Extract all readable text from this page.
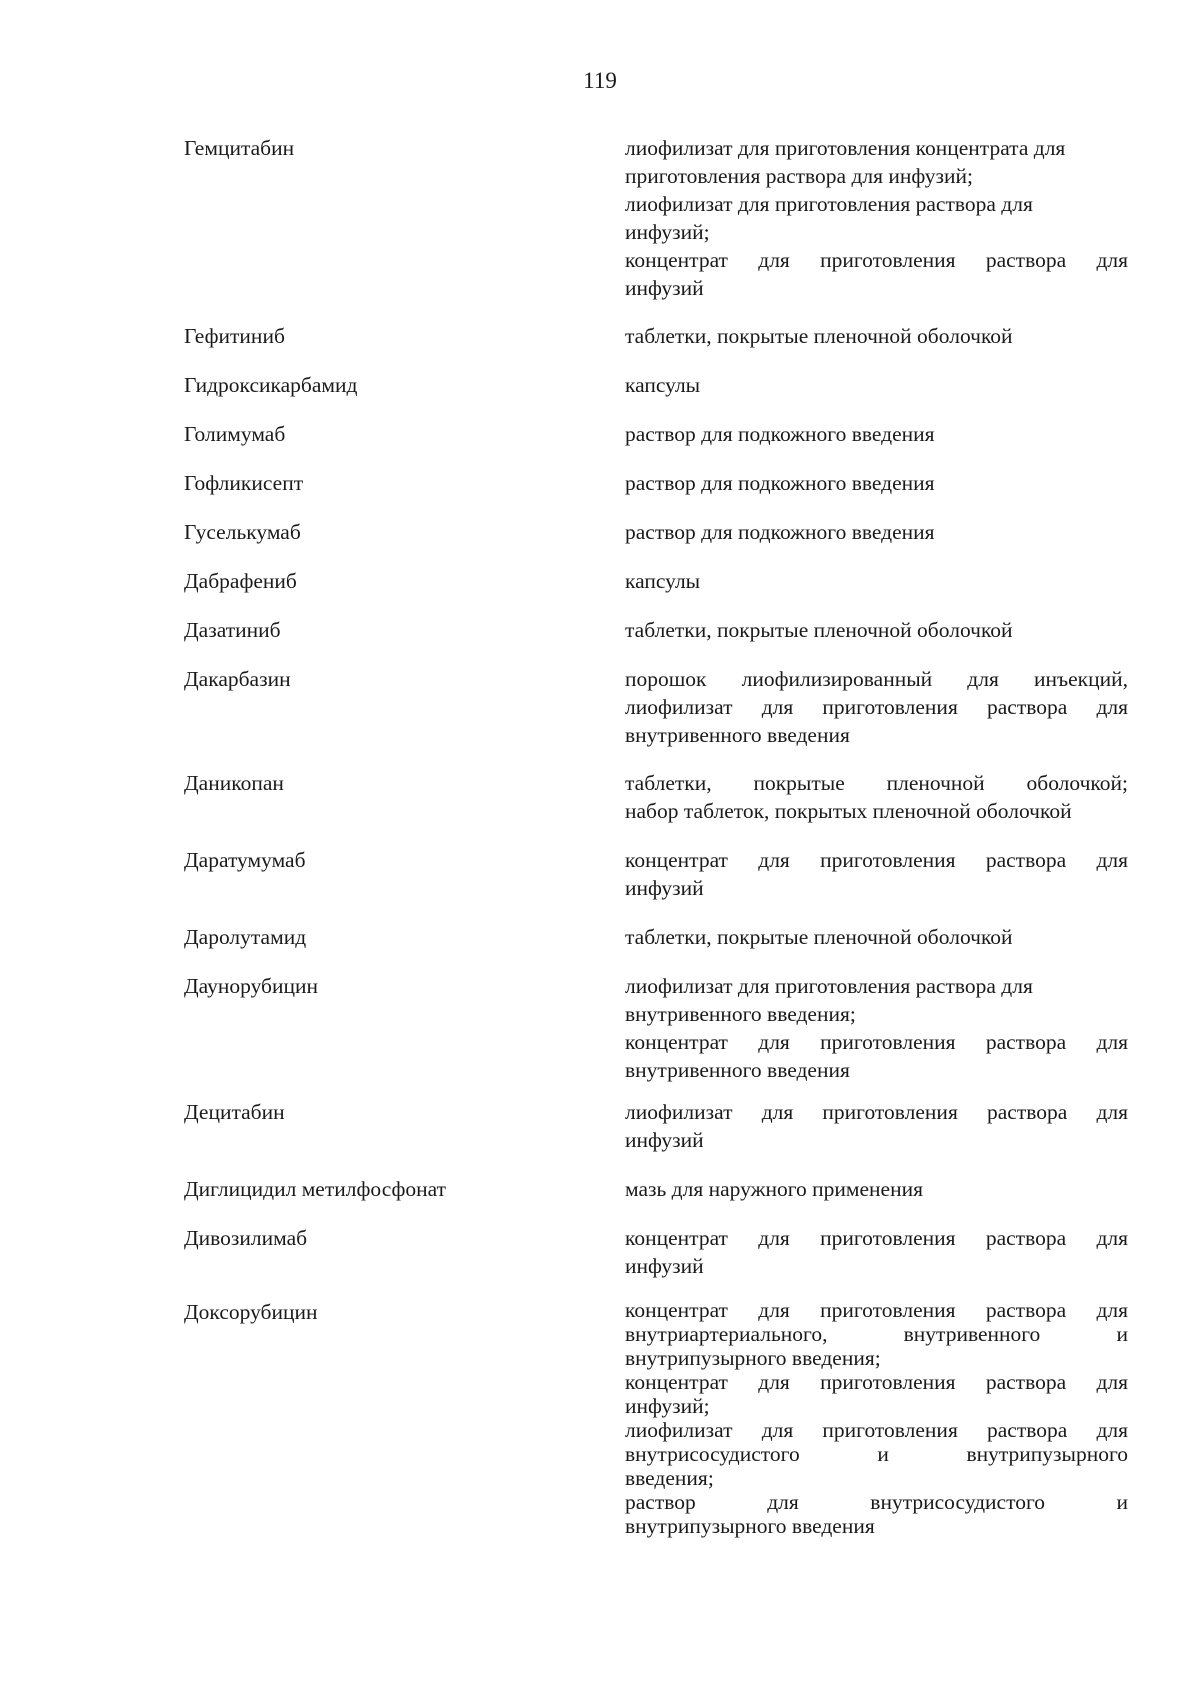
119
Гемцитабин	лиофилизат для приготовления концентрата для
приготовления раствора для инфузий;
лиофилизат для приготовления раствора для
инфузий;
концентрат для приготовления раствора для
инфузий
Гефитиниб	таблетки, покрытые пленочной оболочкой
Гидроксикарбамид	капсулы
Голимумаб	раствор для подкожного введения
Гофликисепт	раствор для подкожного введения
Гуселькумаб	раствор для подкожного введения
Дабрафениб	капсулы
Дазатиниб	таблетки, покрытые пленочной оболочкой
Дакарбазин	порошок лиофилизированный для инъекций,
лиофилизат для приготовления раствора для
внутривенного введения
Даникопан	таблетки, покрытые пленочной оболочкой;
набор таблеток, покрытых пленочной оболочкой
Даратумумаб	концентрат для приготовления раствора для
инфузий
Даролутамид	таблетки, покрытые пленочной оболочкой
Даунорубицин	лиофилизат для приготовления раствора для
внутривенного введения;
концентрат для приготовления раствора для
внутривенного введения
Децитабин	лиофилизат для приготовления раствора для
инфузий
Диглицидил метилфосфонат	мазь для наружного применения
Дивозилимаб	концентрат для приготовления раствора для
инфузий
Доксорубицин	концентрат для приготовления раствора для
внутриартериального, внутривенного и
внутрипузырного введения;
концентрат для приготовления раствора для
инфузий;
лиофилизат для приготовления раствора для
внутрисосудистого и внутрипузырного
введения;
раствор для внутрисосудистого и
внутрипузырного введения
